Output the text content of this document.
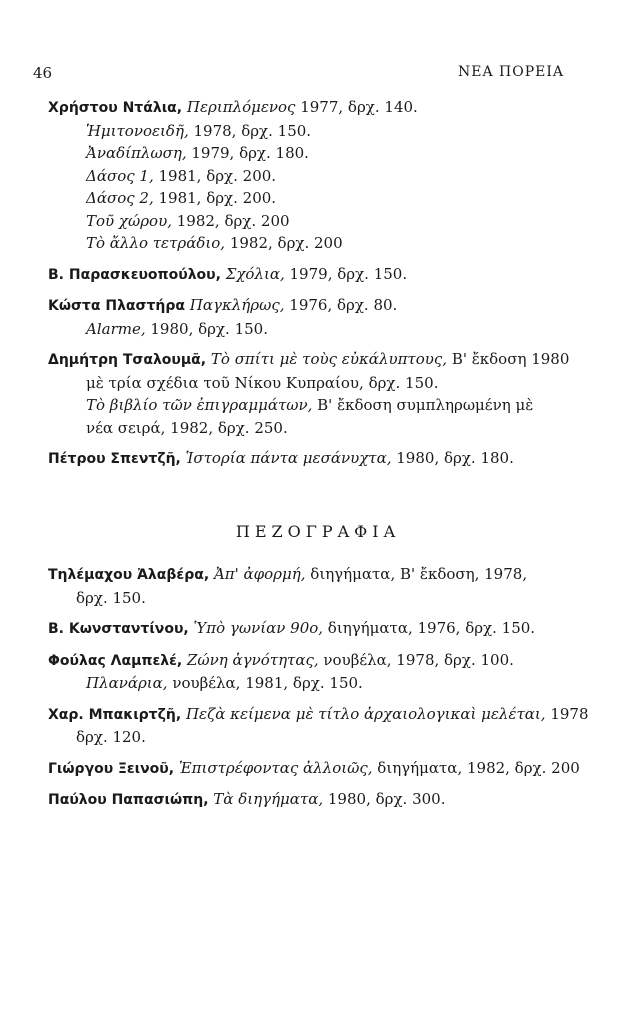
46	ΝΕΑ ΠΟΡΕΙΑ

Χρήστου Ντάλια, Περιπλόμενος 1977, δρχ. 140.
Ἡμιτονοειδῆ, 1978, δρχ. 150.
Ἀναδίπλωση, 1979, δρχ. 180.
Δάσος 1, 1981, δρχ. 200.
Δάσος 2, 1981, δρχ. 200.
Τοῦ χώρου, 1982, δρχ. 200
Τὸ ἄλλο τετράδιο, 1982, δρχ. 200

Β. Παρασκευοπούλου, Σχόλια, 1979, δρχ. 150.

Κώστα Πλαστήρα Παγκλήρως, 1976, δρχ. 80.
Alarme, 1980, δρχ. 150.

Δημήτρη Τσαλουμᾶ, Τὸ σπίτι μὲ τοὺς εὐκάλυπτους, Β' ἔκδοση 1980
μὲ τρία σχέδια τοῦ Νίκου Κυπραίου, δρχ. 150.
Τὸ βιβλίο τῶν ἐπιγραμμάτων, Β' ἔκδοση συμπληρωμένη μὲ
νέα σειρά, 1982, δρχ. 250.

Πέτρου Σπεντζῆ, Ἱστορία πάντα μεσάνυχτα, 1980, δρχ. 180.

ΠΕΖΟΓΡΑΦΙΑ

Τηλέμαχου Ἀλαβέρα, Ἀπ' ἀφορμή, διηγήματα, Β' ἔκδοση, 1978,
δρχ. 150.

Β. Κωνσταντίνου, Ὑπὸ γωνίαν 90ο, διηγήματα, 1976, δρχ. 150.

Φούλας Λαμπελέ, Ζώνη ἁγνότητας, νουβέλα, 1978, δρχ. 100.
Πλανάρια, νουβέλα, 1981, δρχ. 150.

Χαρ. Μπακιρτζῆ, Πεζὰ κείμενα μὲ τίτλο ἀρχαιολογικαὶ μελέται, 1978
δρχ. 120.

Γιώργου Ξεινοῦ, Ἐπιστρέφοντας ἀλλοιῶς, διηγήματα, 1982, δρχ. 200

Παύλου Παπασιώπη, Τὰ διηγήματα, 1980, δρχ. 300.
